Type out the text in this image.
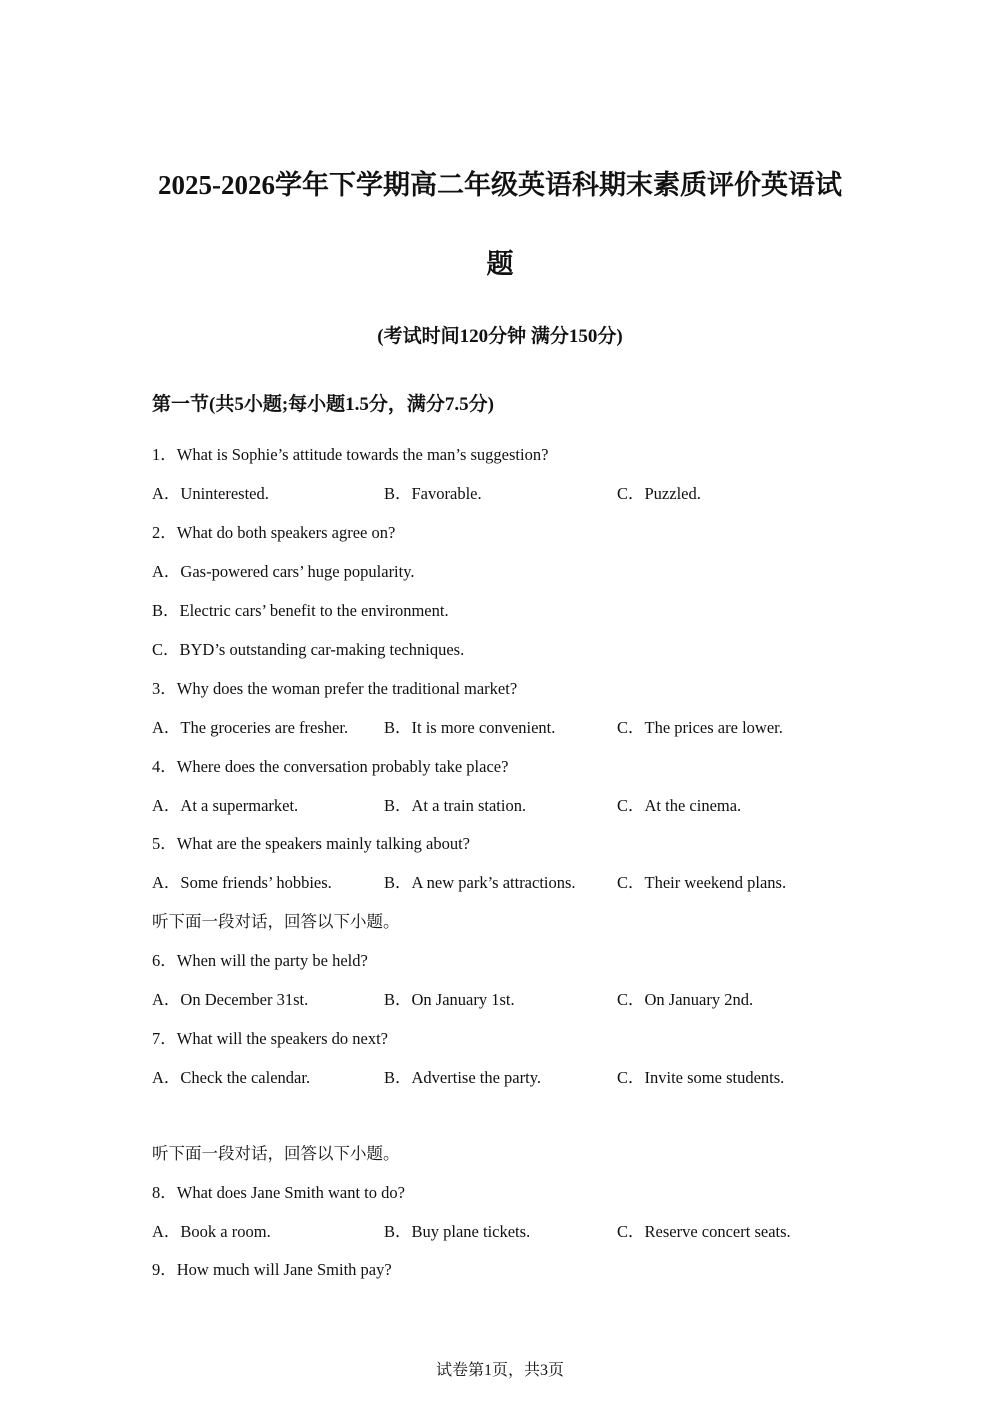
2025-2026学年下学期高二年级英语科期末素质评价英语试
题
(考试时间120分钟 满分150分)
第一节(共5小题;每小题1.5分，满分7.5分)
1．What is Sophie’s attitude towards the man’s suggestion?
A．Uninterested.	B．Favorable.	C．Puzzled.
2．What do both speakers agree on?
A．Gas-powered cars’ huge popularity.
B．Electric cars’ benefit to the environment.
C．BYD’s outstanding car-making techniques.
3．Why does the woman prefer the traditional market?
A．The groceries are fresher. B．It is more convenient.	C．The prices are lower.
4．Where does the conversation probably take place?
A．At a supermarket.	B．At a train station.	C．At the cinema.
5．What are the speakers mainly talking about?
A．Some friends’ hobbies.	B．A new park’s attractions.	C．Their weekend plans.
听下面一段对话，回答以下小题。
6．When will the party be held?
A．On December 31st.	B．On January 1st.	C．On January 2nd.
7．What will the speakers do next?
A．Check the calendar.	B．Advertise the party.	C．Invite some students.
听下面一段对话，回答以下小题。
8．What does Jane Smith want to do?
A．Book a room.	B．Buy plane tickets.	C．Reserve concert seats.
9．How much will Jane Smith pay?
试卷第1页，共3页
